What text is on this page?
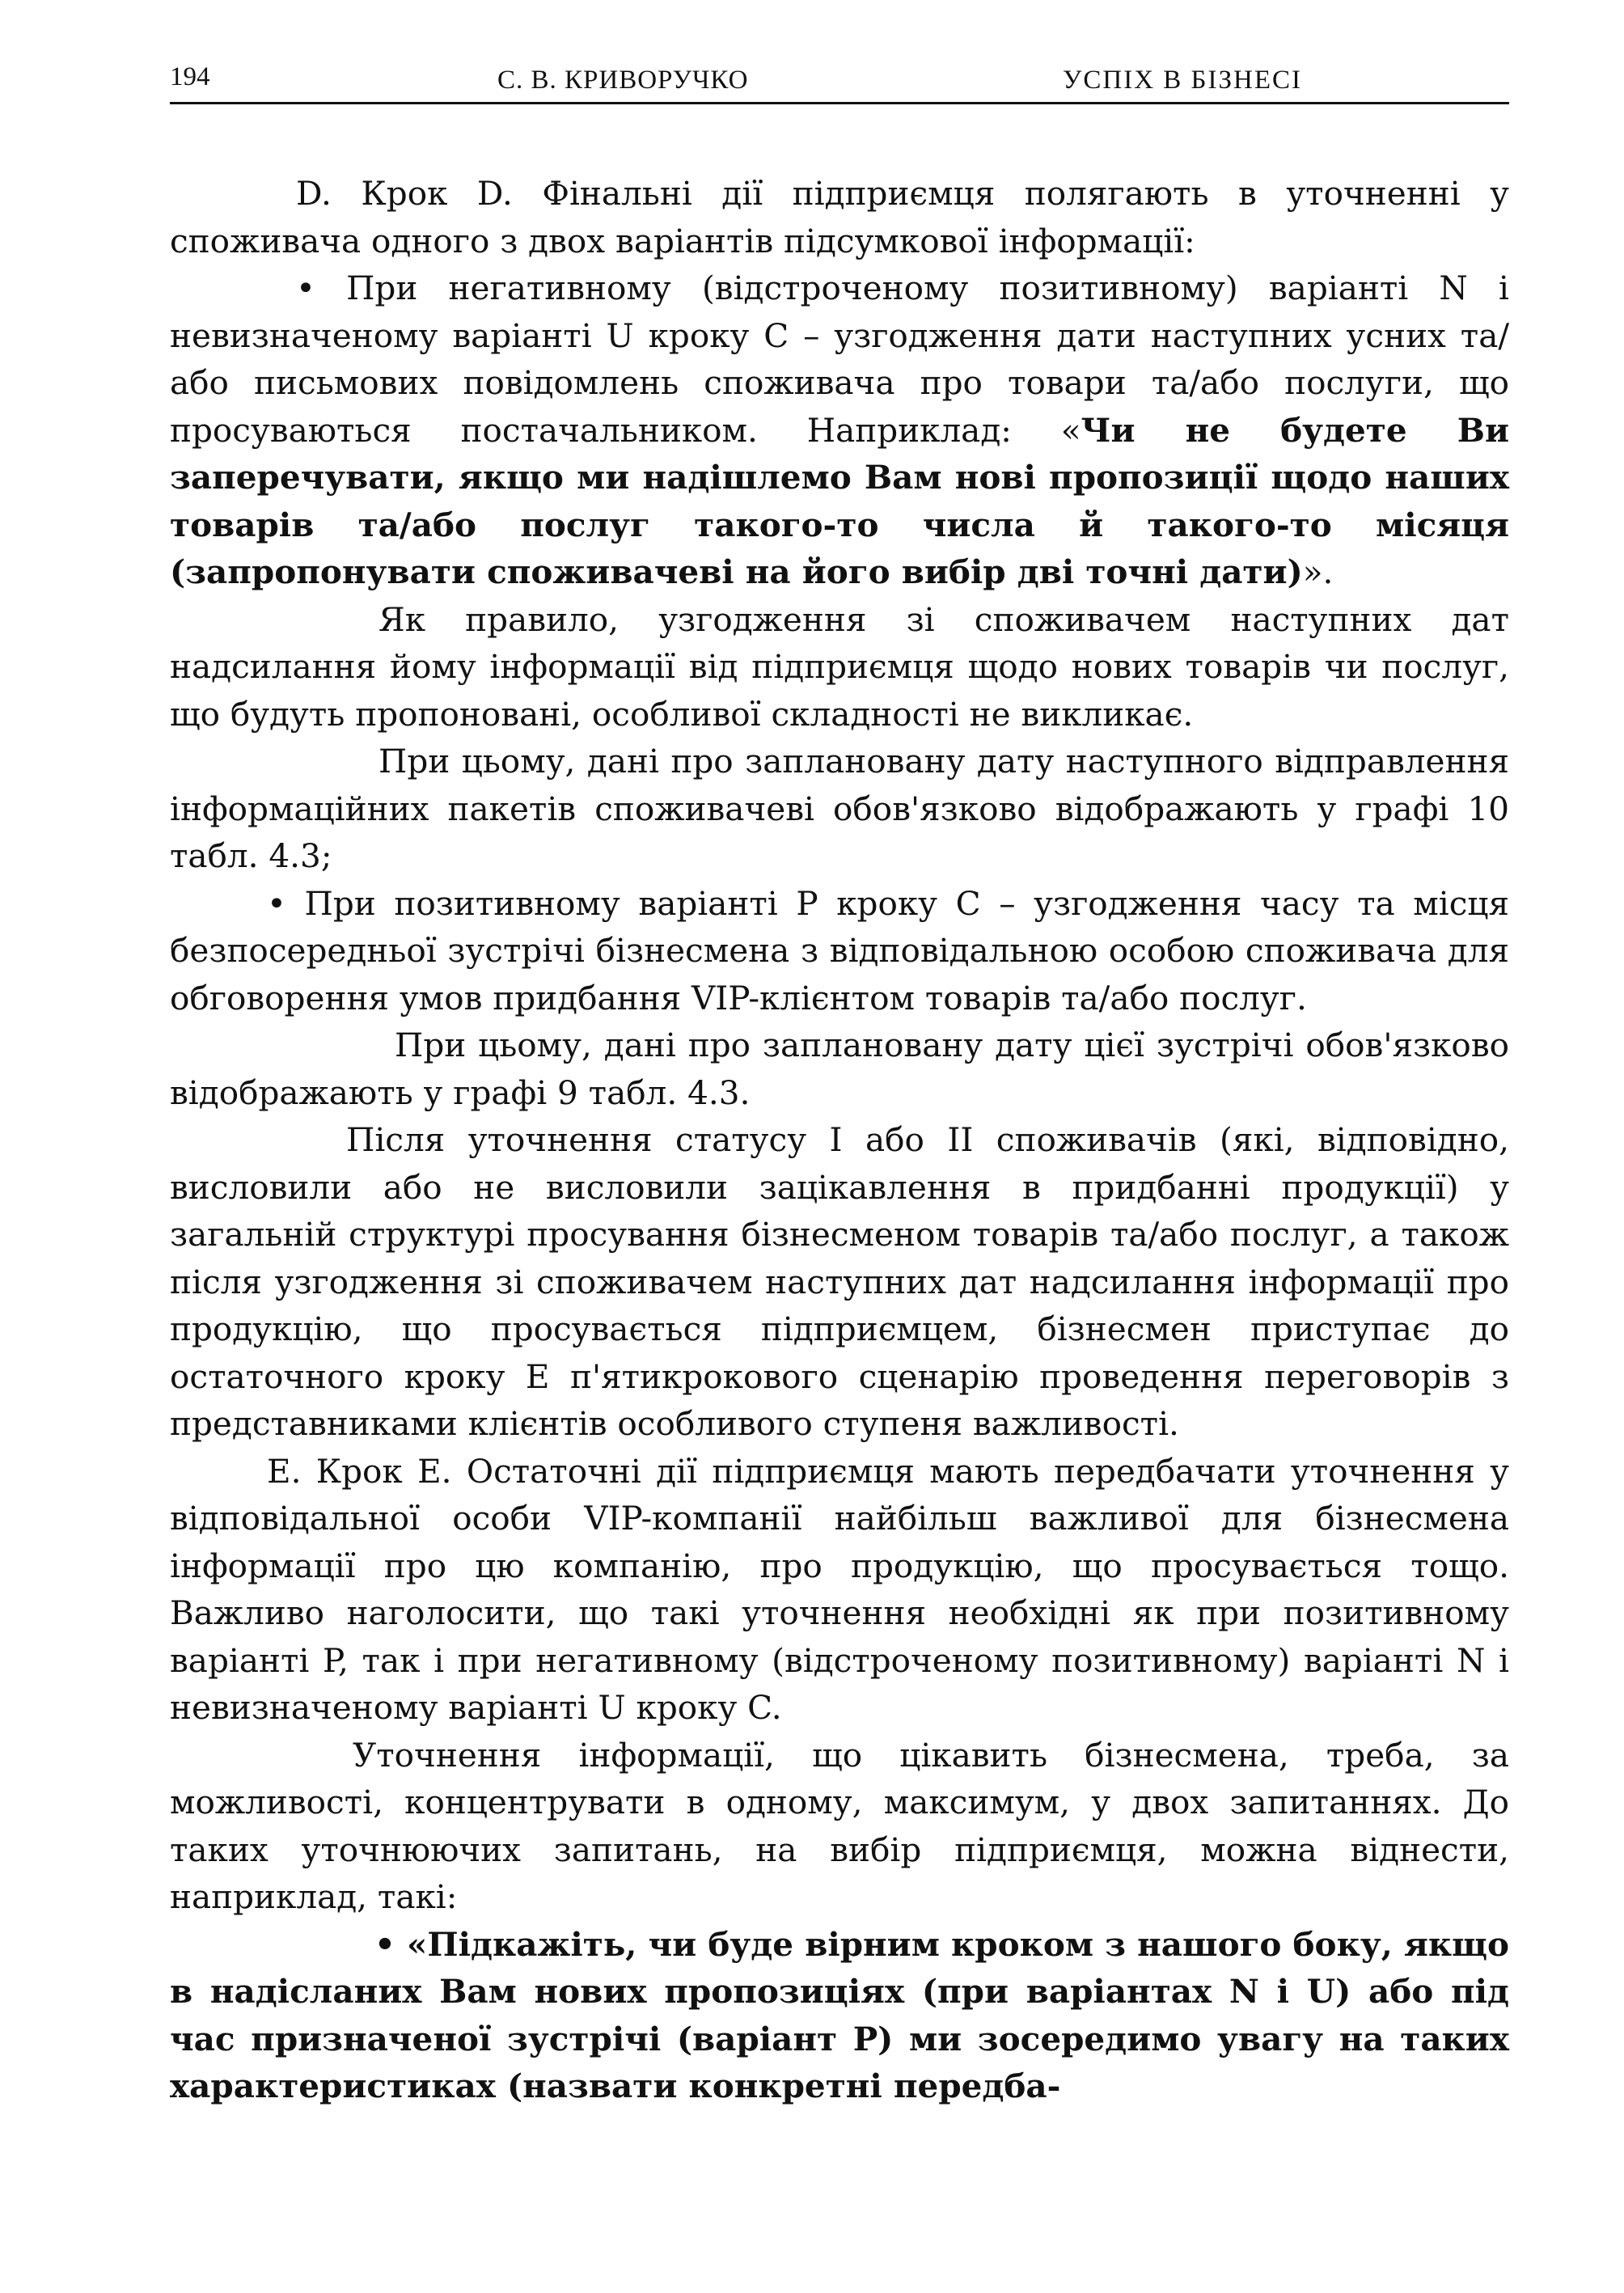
194	С. В. КРИВОРУЧКО	УСПІХ В БІЗНЕСІ

D. Крок D. Фінальні дії підприємця полягають в уточненні у споживача одного з двох варіантів підсумкової інформації:

• При негативному (відстроченому позитивному) варіанті N і невизначеному варіанті U кроку C – узгодження дати наступних усних та/або письмових повідомлень споживача про товари та/або послуги, що просуваються постачальником. Наприклад: «Чи не будете Ви заперечувати, якщо ми надішлемо Вам нові пропозиції щодо наших товарів та/або послуг такого-то числа й такого-то місяця (запропонувати споживачеві на його вибір дві точні дати)».

Як правило, узгодження зі споживачем наступних дат надсилання йому інформації від підприємця щодо нових товарів чи послуг, що будуть пропоновані, особливої складності не викликає.

При цьому, дані про заплановану дату наступного відправлення інформаційних пакетів споживачеві обов'язково відображають у графі 10 табл. 4.3;

• При позитивному варіанті P кроку C – узгодження часу та місця безпосередньої зустрічі бізнесмена з відповідальною особою споживача для обговорення умов придбання VIP-клієнтом товарів та/або послуг.

При цьому, дані про заплановану дату цієї зустрічі обов'язково відображають у графі 9 табл. 4.3.

Після уточнення статусу I або II споживачів (які, відповідно, висловили або не висловили зацікавлення в придбанні продукції) у загальній структурі просування бізнесменом товарів та/або послуг, а також після узгодження зі споживачем наступних дат надсилання інформації про продукцію, що просувається підприємцем, бізнесмен приступає до остаточного кроку E п'ятикрокового сценарію проведення переговорів з представниками клієнтів особливого ступеня важливості.

E. Крок E. Остаточні дії підприємця мають передбачати уточнення у відповідальної особи VIP-компанії найбільш важливої для бізнесмена інформації про цю компанію, про продукцію, що просувається тощо. Важливо наголосити, що такі уточнення необхідні як при позитивному варіанті P, так і при негативному (відстроченому позитивному) варіанті N і невизначеному варіанті U кроку C.

Уточнення інформації, що цікавить бізнесмена, треба, за можливості, концентрувати в одному, максимум, у двох запитаннях. До таких уточнюючих запитань, на вибір підприємця, можна віднести, наприклад, такі:

• «Підкажіть, чи буде вірним кроком з нашого боку, якщо в надісланих Вам нових пропозиціях (при варіантах N і U) або під час призначеної зустрічі (варіант P) ми зосередимо увагу на таких характеристиках (назвати конкретні передба-
